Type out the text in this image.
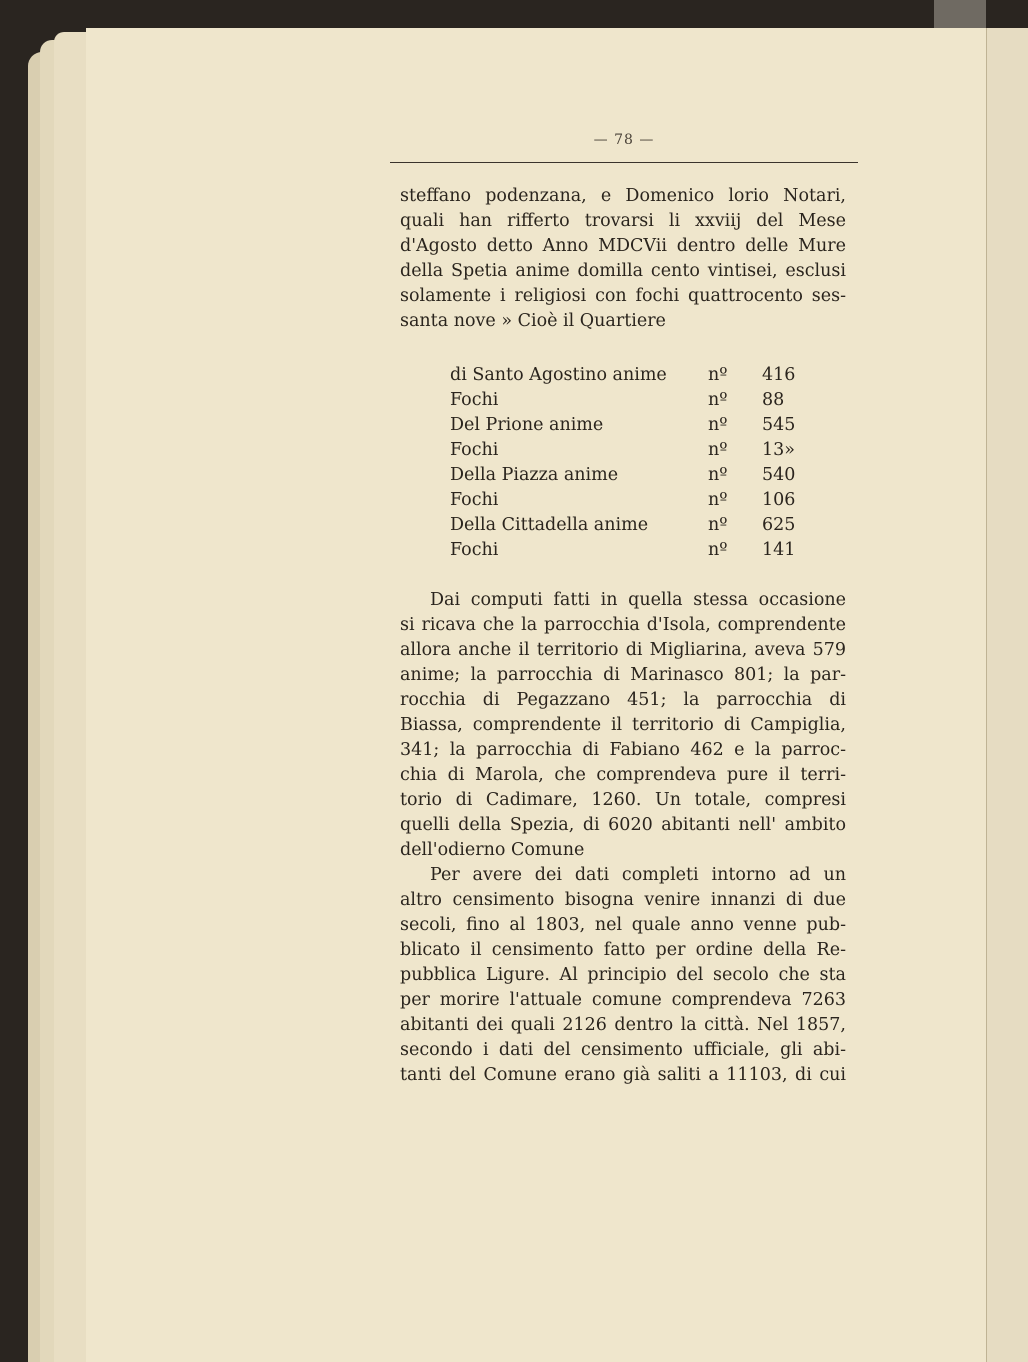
— 78 —
steffano podenzana, e Domenico lorio Notari,
quali han rifferto trovarsi li xxviij del Mese
d'Agosto detto Anno MDCVii dentro delle Mure
della Spetia anime domilla cento vintisei, esclusi
solamente i religiosi con fochi quattrocento ses-
santa nove » Cioè il Quartiere
di Santo Agostino anime nº 416
Fochi	nº 88
Del Prione anime	nº 545
Fochi	nº 13»
Della Piazza anime	nº 540
Fochi	nº 106
Della Cittadella anime	nº 625
Fochi	nº 141
Dai computi fatti in quella stessa occasione
si ricava che la parrocchia d'Isola, comprendente
allora anche il territorio di Migliarina, aveva 579
anime; la parrocchia di Marinasco 801; la par-
rocchia di Pegazzano 451; la parrocchia di
Biassa, comprendente il territorio di Campiglia,
341; la parrocchia di Fabiano 462 e la parroc-
chia di Marola, che comprendeva pure il terri-
torio di Cadimare, 1260. Un totale, compresi
quelli della Spezia, di 6020 abitanti nell' ambito
dell'odierno Comune
Per avere dei dati completi intorno ad un
altro censimento bisogna venire innanzi di due
secoli, fino al 1803, nel quale anno venne pub-
blicato il censimento fatto per ordine della Re-
pubblica Ligure. Al principio del secolo che sta
per morire l'attuale comune comprendeva 7263
abitanti dei quali 2126 dentro la città. Nel 1857,
secondo i dati del censimento ufficiale, gli abi-
tanti del Comune erano già saliti a 11103, di cui
